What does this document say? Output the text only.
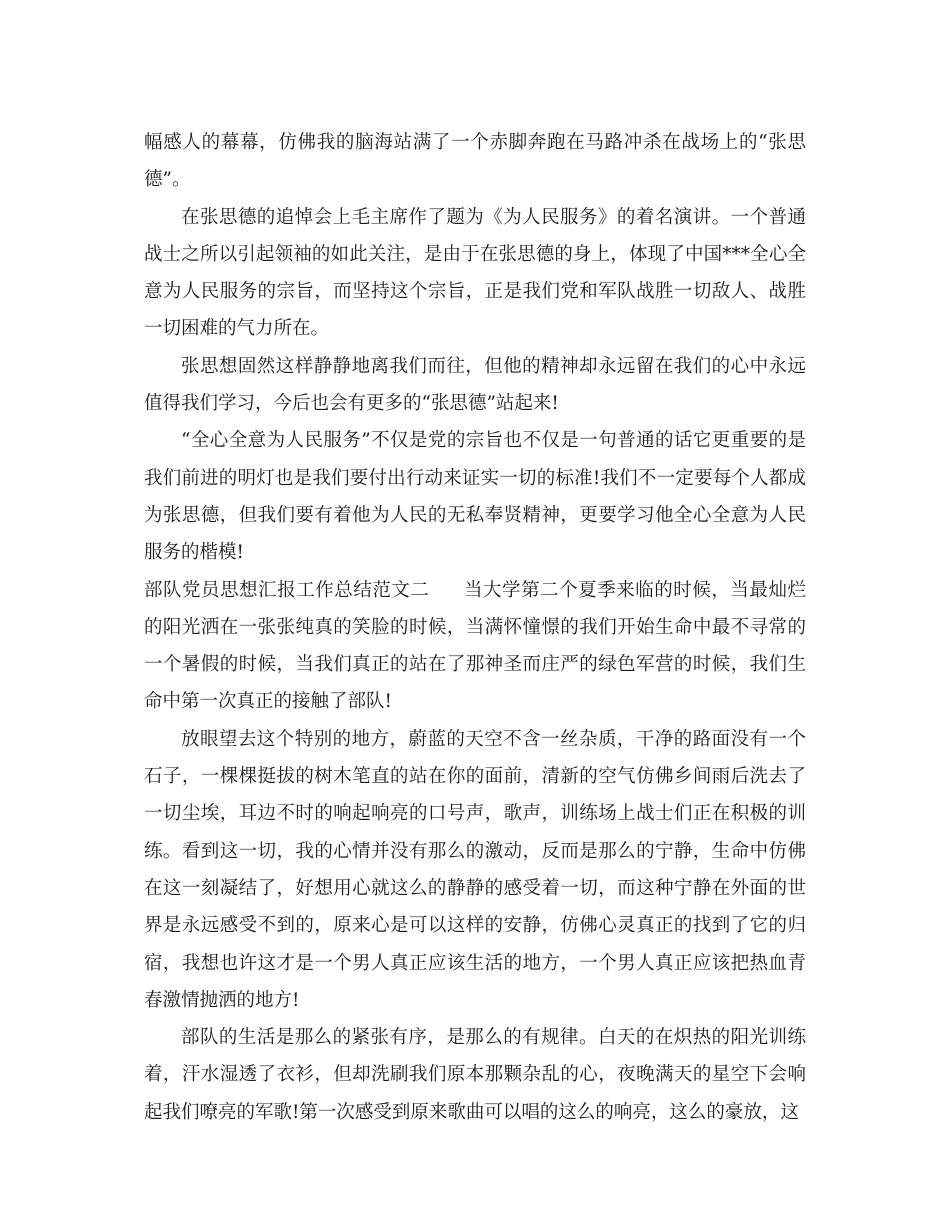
幅感人的幕幕，仿佛我的脑海站满了一个赤脚奔跑在马路冲杀在战场上的“张思德”。

在张思德的追悼会上毛主席作了题为《为人民服务》的着名演讲。一个普通战士之所以引起领袖的如此关注，是由于在张思德的身上，体现了中国***全心全意为人民服务的宗旨，而坚持这个宗旨，正是我们党和军队战胜一切敌人、战胜一切困难的气力所在。

张思想固然这样静静地离我们而往，但他的精神却永远留在我们的心中永远值得我们学习，今后也会有更多的“张思德”站起来!

“全心全意为人民服务”不仅是党的宗旨也不仅是一句普通的话它更重要的是我们前进的明灯也是我们要付出行动来证实一切的标准!我们不一定要每个人都成为张思德，但我们要有着他为人民的无私奉贤精神，更要学习他全心全意为人民服务的楷模!

部队党员思想汇报工作总结范文二 当大学第二个夏季来临的时候，当最灿烂的阳光洒在一张张纯真的笑脸的时候，当满怀憧憬的我们开始生命中最不寻常的一个暑假的时候，当我们真正的站在了那神圣而庄严的绿色军营的时候，我们生命中第一次真正的接触了部队!

放眼望去这个特别的地方，蔚蓝的天空不含一丝杂质，干净的路面没有一个石子，一棵棵挺拔的树木笔直的站在你的面前，清新的空气仿佛乡间雨后洗去了一切尘埃，耳边不时的响起响亮的口号声，歌声，训练场上战士们正在积极的训练。看到这一切，我的心情并没有那么的激动，反而是那么的宁静，生命中仿佛在这一刻凝结了，好想用心就这么的静静的感受着一切，而这种宁静在外面的世界是永远感受不到的，原来心是可以这样的安静，仿佛心灵真正的找到了它的归宿，我想也许这才是一个男人真正应该生活的地方，一个男人真正应该把热血青春激情抛洒的地方!

部队的生活是那么的紧张有序，是那么的有规律。白天的在炽热的阳光训练着，汗水湿透了衣衫，但却洗刷我们原本那颗杂乱的心，夜晚满天的星空下会响起我们嘹亮的军歌!第一次感受到原来歌曲可以唱的这么的响亮，这么的豪放，这
